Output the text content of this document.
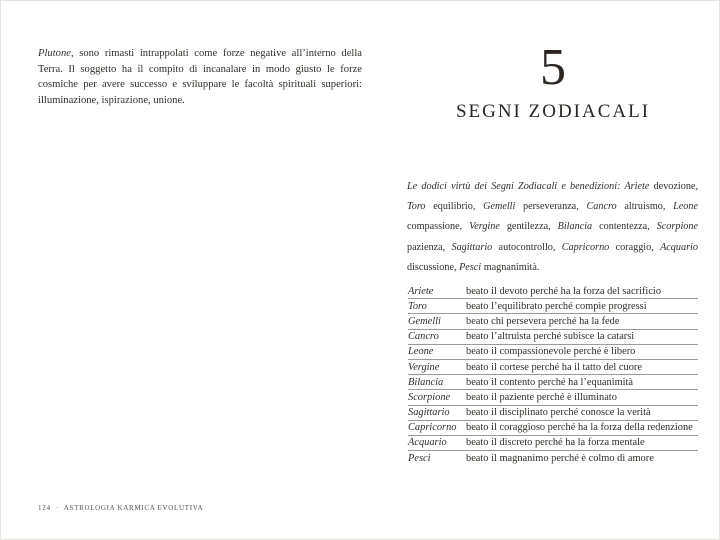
Plutone, sono rimasti intrappolati come forze negative all’interno della Terra. Il soggetto ha il compito di incanalare in modo giusto le forze cosmiche per avere successo e sviluppare le facoltà spirituali superiori: illuminazione, ispirazione, unione.

124 · ASTROLOGIA KARMICA EVOLUTIVA
5
SEGNI ZODIACALI

Le dodici virtù dei Segni Zodiacali e benedizioni: Ariete devozione, Toro equilibrio, Gemelli perseveranza, Cancro altruismo, Leone compassione, Vergine gentilezza, Bilancia contentezza, Scorpione pazienza, Sagittario autocontrollo, Capricorno coraggio, Acquario discussione, Pesci magnanimità.

Ariete	beato il devoto perché ha la forza del sacrificio
Toro	beato l’equilibrato perché compie progressi
Gemelli	beato chi persevera perché ha la fede
Cancro	beato l’altruista perché subisce la catarsi
Leone	beato il compassionevole perché è libero
Vergine	beato il cortese perché ha il tatto del cuore
Bilancia	beato il contento perché ha l’equanimità
Scorpione	beato il paziente perché è illuminato
Sagittario	beato il disciplinato perché conosce la verità
Capricorno beato il coraggioso perché ha la forza della redenzione
Acquario	beato il discreto perché ha la forza mentale
Pesci	beato il magnanimo perché è colmo di amore
